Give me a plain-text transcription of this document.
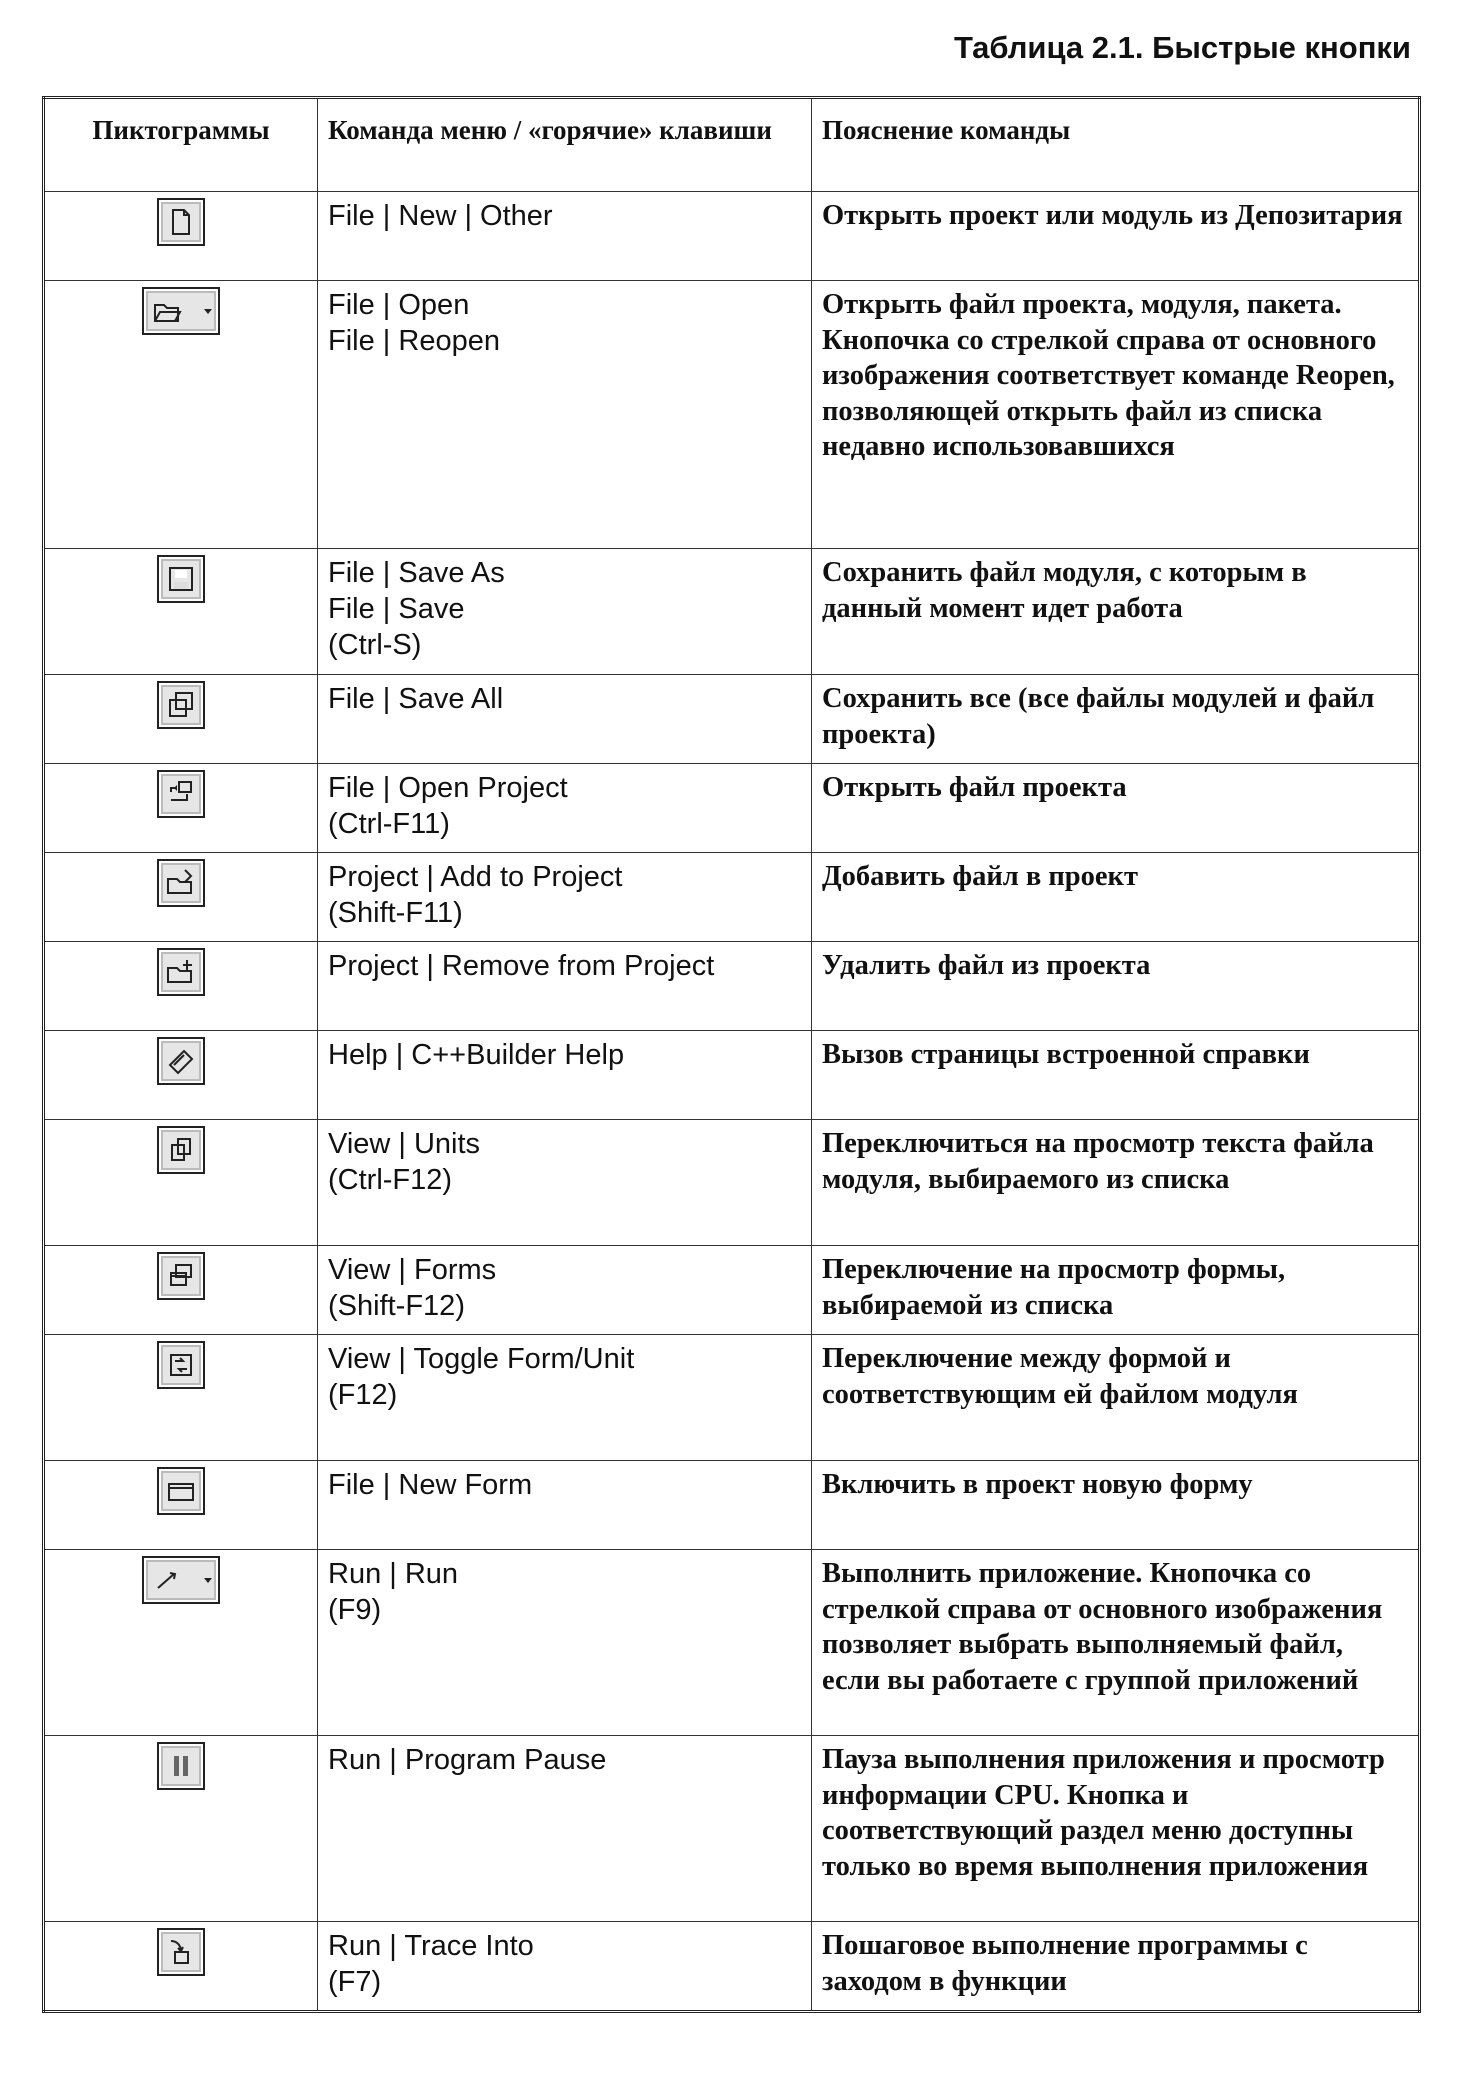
Таблица 2.1. Быстрые кнопки
Пиктограммы	Команда меню / «горячие» клавиши	Пояснение команды

	File | New | Other	Открыть проект или модуль из Депозитария

	File | Open
File | Reopen	Открыть файл проекта, модуля, пакета. Кнопочка со стрелкой справа от основного изображения соответствует команде Reopen, позволяющей открыть файл из списка недавно использовавшихся

	File | Save As
File | Save
(Ctrl-S)	Сохранить файл модуля, с которым в данный момент идет работа

	File | Save All	Сохранить все (все файлы модулей и файл проекта)

	File | Open Project
(Ctrl-F11)	Открыть файл проекта

	Project | Add to Project
(Shift-F11)	Добавить файл в проект

	Project | Remove from Project	Удалить файл из проекта

	Help | C++Builder Help	Вызов страницы встроенной справки

	View | Units
(Ctrl-F12)	Переключиться на просмотр текста файла модуля, выбираемого из списка

	View | Forms
(Shift-F12)	Переключение на просмотр формы, выбираемой из списка

	View | Toggle Form/Unit
(F12)	Переключение между формой и соответствующим ей файлом модуля

	File | New Form	Включить в проект новую форму

	Run | Run
(F9)	Выполнить приложение. Кнопочка со стрелкой справа от основного изображения позволяет выбрать выполняемый файл, если вы работаете с группой приложений

	Run | Program Pause	Пауза выполнения приложения и просмотр информации CPU. Кнопка и соответствующий раздел меню доступны только во время выполнения приложения

	Run | Trace Into
(F7)	Пошаговое выполнение программы с заходом в функции
